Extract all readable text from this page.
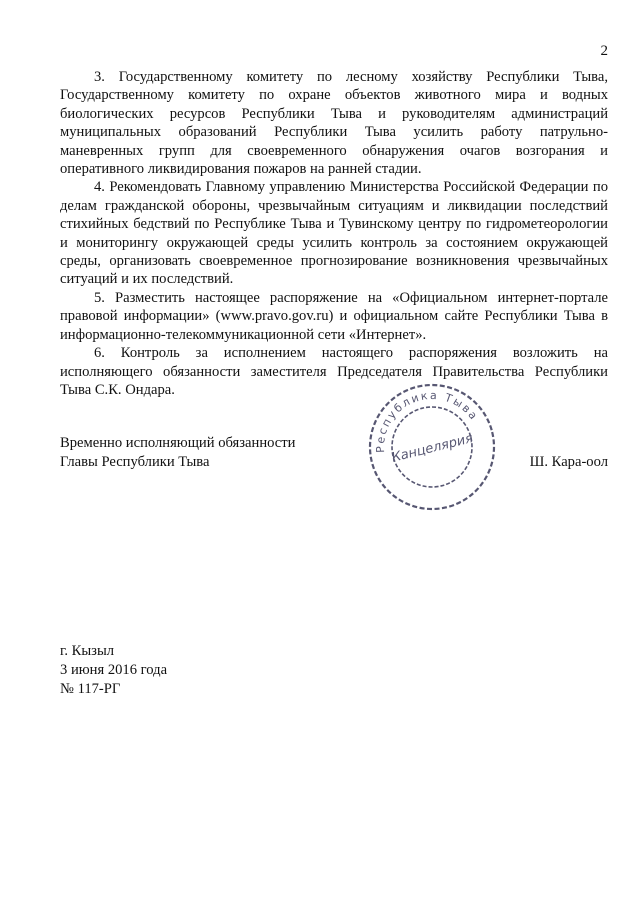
2

3. Государственному комитету по лесному хозяйству Республики Тыва, Государственному комитету по охране объектов животного мира и водных биологических ресурсов Республики Тыва и руководителям администраций муниципальных образований Республики Тыва усилить работу патрульно-маневренных групп для своевременного обнаружения очагов возгорания и оперативного ликвидирования пожаров на ранней стадии.

4. Рекомендовать Главному управлению Министерства Российской Федерации по делам гражданской обороны, чрезвычайным ситуациям и ликвидации последствий стихийных бедствий по Республике Тыва и Тувинскому центру по гидрометеорологии и мониторингу окружающей среды усилить контроль за состоянием окружающей среды, организовать своевременное прогнозирование возникновения чрезвычайных ситуаций и их последствий.

5. Разместить настоящее распоряжение на «Официальном интернет-портале правовой информации» (www.pravo.gov.ru) и официальном сайте Республики Тыва в информационно-телекоммуникационной сети «Интернет».

6. Контроль за исполнением настоящего распоряжения возложить на исполняющего обязанности заместителя Председателя Правительства Республики Тыва С.К. Ондара.

Временно исполняющий обязанности
Главы Республики Тыва	Ш. Кара-оол
Республика Тыва
Канцелярия
г. Кызыл
3 июня 2016 года
№ 117-РГ
